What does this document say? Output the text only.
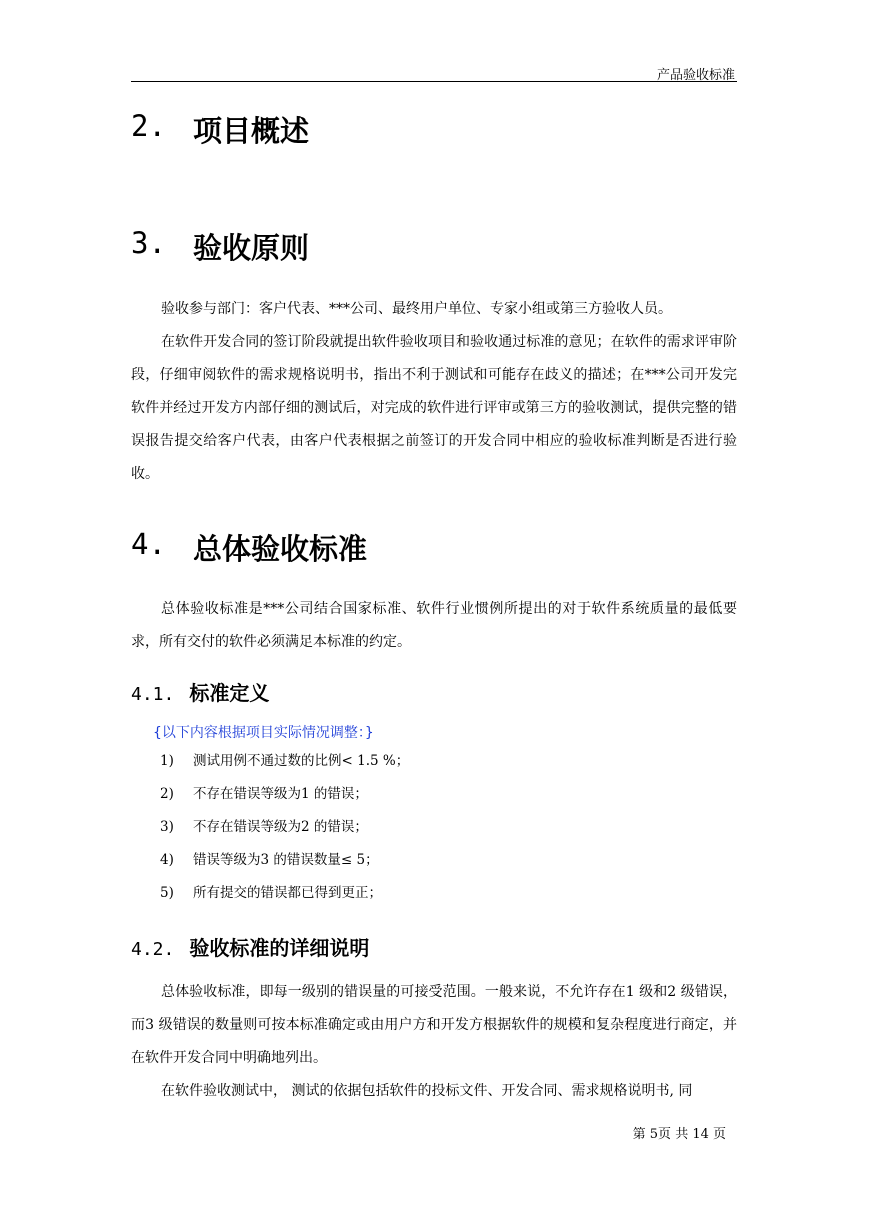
产品验收标准
2. 项目概述
3. 验收原则

验收参与部门：客户代表、***公司、最终用户单位、专家小组或第三方验收人员。

在软件开发合同的签订阶段就提出软件验收项目和验收通过标准的意见；在软件的需求评审阶段，仔细审阅软件的需求规格说明书，指出不利于测试和可能存在歧义的描述；在***公司开发完软件并经过开发方内部仔细的测试后，对完成的软件进行评审或第三方的验收测试，提供完整的错误报告提交给客户代表，由客户代表根据之前签订的开发合同中相应的验收标准判断是否进行验收。

4. 总体验收标准

总体验收标准是***公司结合国家标准、软件行业惯例所提出的对于软件系统质量的最低要求，所有交付的软件必须满足本标准的约定。

4.1. 标准定义
{以下内容根据项目实际情况调整：}
1) 测试用例不通过数的比例< 1.5 %；
2) 不存在错误等级为1 的错误；
3) 不存在错误等级为2 的错误；
4) 错误等级为3 的错误数量≤ 5；
5) 所有提交的错误都已得到更正；
4.2. 验收标准的详细说明

总体验收标准，即每一级别的错误量的可接受范围。一般来说，不允许存在1 级和2 级错误，而3 级错误的数量则可按本标准确定或由用户方和开发方根据软件的规模和复杂程度进行商定，并在软件开发合同中明确地列出。

在软件验收测试中， 测试的依据包括软件的投标文件、开发合同、需求规格说明书, 同

第 5页 共 14 页
